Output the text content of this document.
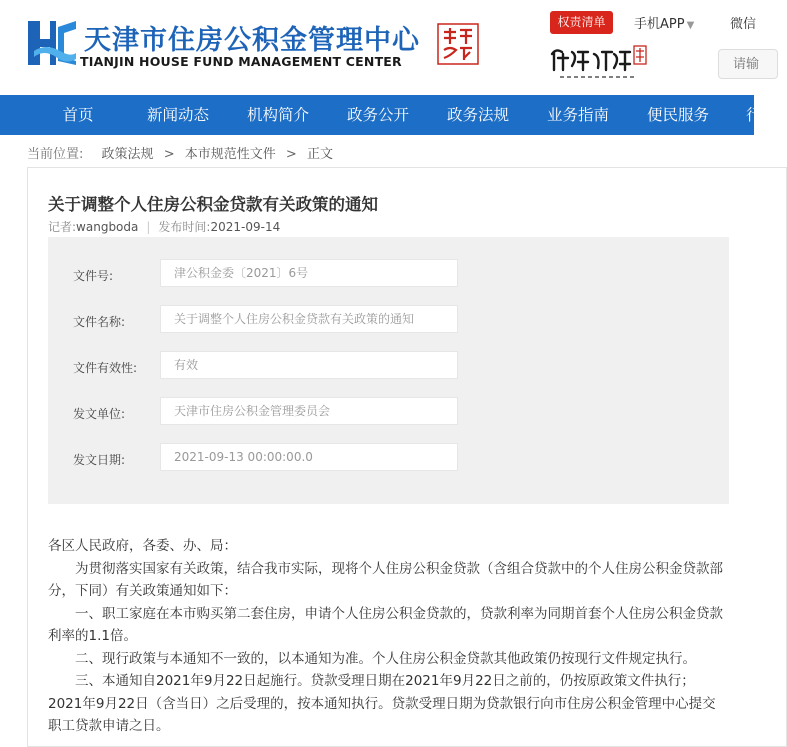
天津市住房公积金管理中心
TIANJIN HOUSE FUND MANAGEMENT CENTER
权责清单	手机APP ▼	微信
请输
首页	新闻动态	机构简介	政务公开	政务法规	业务指南	便民服务	行
当前位置: 政策法规 > 本市规范性文件 > 正文
关于调整个人住房公积金贷款有关政策的通知
记者:wangboda | 发布时间:2021-09-14
文件号:	津公积金委〔2021〕6号
文件名称:	关于调整个人住房公积金贷款有关政策的通知
文件有效性:	有效
发文单位:	天津市住房公积金管理委员会
发文日期:	2021-09-13 00:00:00.0

各区人民政府，各委、办、局：

为贯彻落实国家有关政策，结合我市实际，现将个人住房公积金贷款（含组合贷款中的个人住房公积金贷款部分，下同）有关政策通知如下：

一、职工家庭在本市购买第二套住房，申请个人住房公积金贷款的，贷款利率为同期首套个人住房公积金贷款利率的1.1倍。

二、现行政策与本通知不一致的，以本通知为准。个人住房公积金贷款其他政策仍按现行文件规定执行。

三、本通知自2021年9月22日起施行。贷款受理日期在2021年9月22日之前的，仍按原政策文件执行；2021年9月22日（含当日）之后受理的，按本通知执行。贷款受理日期为贷款银行向市住房公积金管理中心提交职工贷款申请之日。
